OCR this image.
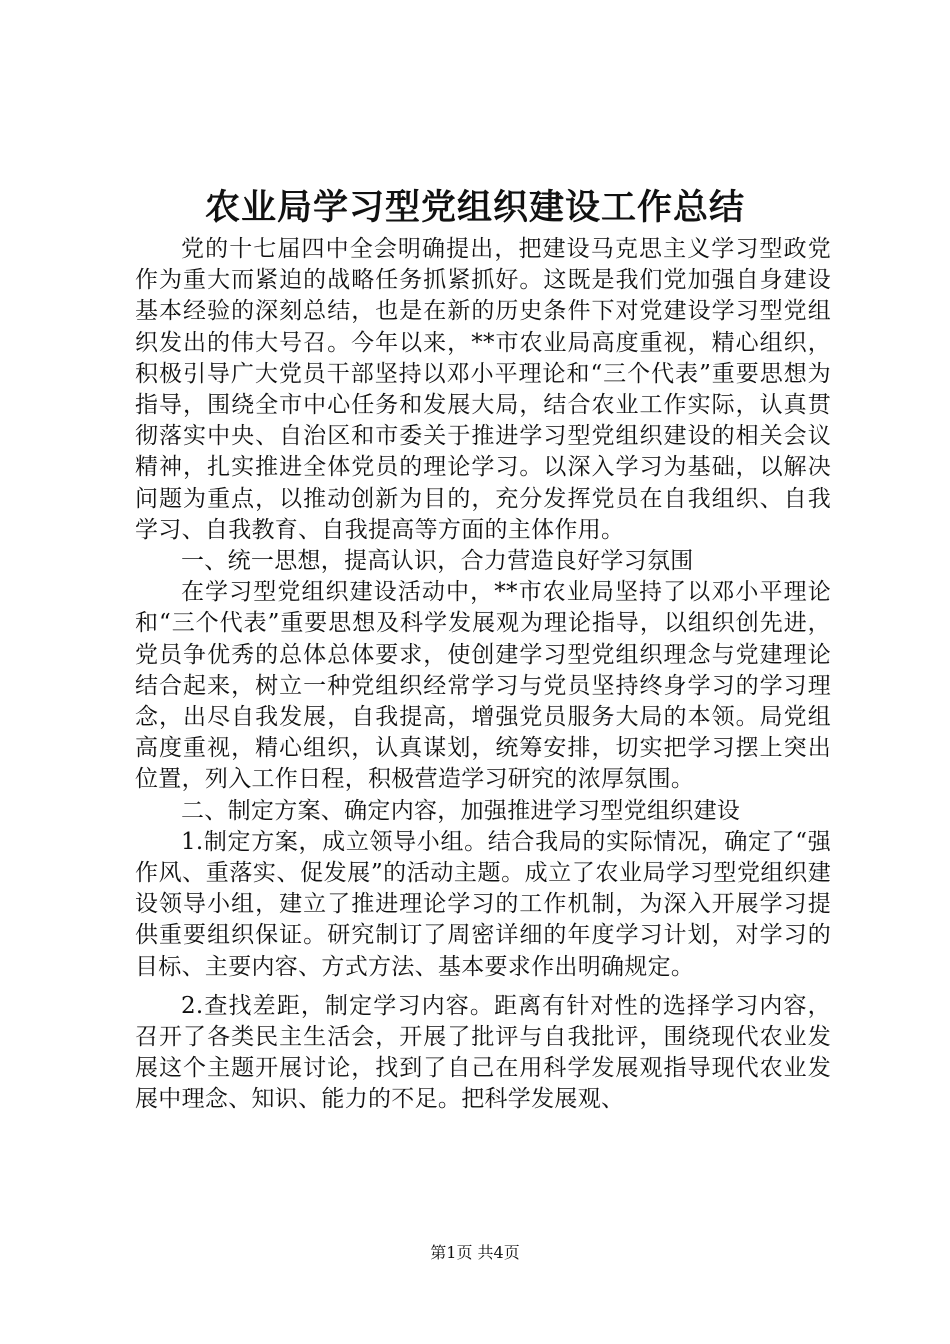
农业局学习型党组织建设工作总结

党的十七届四中全会明确提出，把建设马克思主义学习型政党作为重大而紧迫的战略任务抓紧抓好。这既是我们党加强自身建设基本经验的深刻总结，也是在新的历史条件下对党建设学习型党组织发出的伟大号召。今年以来，**市农业局高度重视，精心组织，积极引导广大党员干部坚持以邓小平理论和“三个代表”重要思想为指导，围绕全市中心任务和发展大局，结合农业工作实际，认真贯彻落实中央、自治区和市委关于推进学习型党组织建设的相关会议精神，扎实推进全体党员的理论学习。以深入学习为基础，以解决问题为重点，以推动创新为目的，充分发挥党员在自我组织、自我学习、自我教育、自我提高等方面的主体作用。

一、统一思想，提高认识，合力营造良好学习氛围

在学习型党组织建设活动中，**市农业局坚持了以邓小平理论和“三个代表”重要思想及科学发展观为理论指导，以组织创先进，党员争优秀的总体总体要求，使创建学习型党组织理念与党建理论结合起来，树立一种党组织经常学习与党员坚持终身学习的学习理念，出尽自我发展，自我提高，增强党员服务大局的本领。局党组高度重视，精心组织，认真谋划，统筹安排，切实把学习摆上突出位置，列入工作日程，积极营造学习研究的浓厚氛围。

二、制定方案、确定内容，加强推进学习型党组织建设

1.制定方案，成立领导小组。结合我局的实际情况，确定了“强作风、重落实、促发展”的活动主题。成立了农业局学习型党组织建设领导小组，建立了推进理论学习的工作机制，为深入开展学习提供重要组织保证。研究制订了周密详细的年度学习计划，对学习的目标、主要内容、方式方法、基本要求作出明确规定。

2.查找差距，制定学习内容。距离有针对性的选择学习内容，召开了各类民主生活会，开展了批评与自我批评，围绕现代农业发展这个主题开展讨论，找到了自己在用科学发展观指导现代农业发展中理念、知识、能力的不足。把科学发展观、

第1页 共4页
